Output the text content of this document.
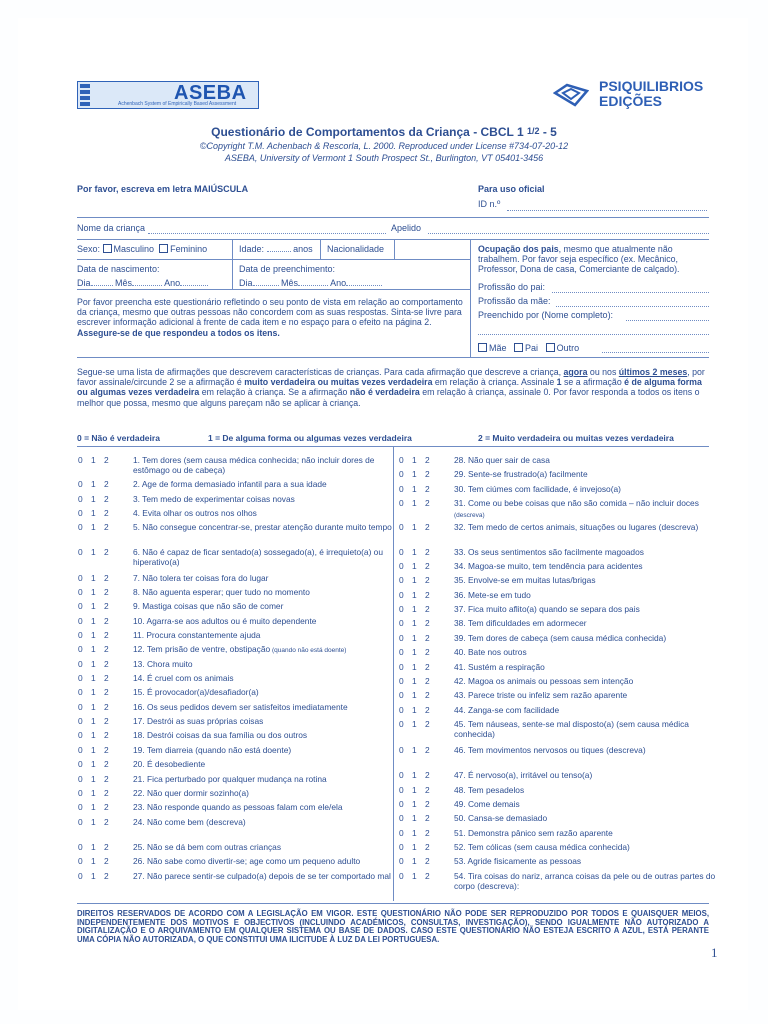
ASEBA
Achenbach System of Empirically Based Assessment
PSIQUILIBRIOS
EDIÇÕES
Questionário de Comportamentos da Criança - CBCL 1 1/2 - 5
©Copyright T.M. Achenbach & Rescorla, L. 2000. Reproduced under License #734-07-20-12
ASEBA, University of Vermont 1 South Prospect St., Burlington, VT 05401-3456
Por favor, escreva em letra MAIÚSCULA	Para uso oficial
ID n.º
Nome da criança	Apelido
Sexo: Masculino Feminino	Idade:	anos Nacionalidade
Data de nascimento:
Dia	Mês	Ano
Data de preenchimento:
Dia	Mês	Ano
Ocupação dos pais, mesmo que atualmente não trabalhem. Por favor seja específico (ex. Mecânico, Professor, Dona de casa, Comerciante de calçado).
Profissão do pai:
Profissão da mãe:
Preenchido por (Nome completo):
Mãe Pai Outro
Por favor preencha este questionário refletindo o seu ponto de vista em relação ao comportamento da criança, mesmo que outras pessoas não concordem com as suas respostas. Sinta-se livre para escrever informação adicional à frente de cada item e no espaço para o efeito na página 2.
Assegure-se de que respondeu a todos os itens.
Segue-se uma lista de afirmações que descrevem características de crianças. Para cada afirmação que descreve a criança, agora ou nos últimos 2 meses, por favor assinale/circunde 2 se a afirmação é muito verdadeira ou muitas vezes verdadeira em relação à criança. Assinale 1 se a afirmação é de alguma forma ou algumas vezes verdadeira em relação à criança. Se a afirmação não é verdadeira em relação à criança, assinale 0. Por favor responda a todos os itens o melhor que possa, mesmo que alguns pareçam não se aplicar à criança.
0 = Não é verdadeira	1 = De alguma forma ou algumas vezes verdadeira	2 = Muito verdadeira ou muitas vezes verdadeira
DIREITOS RESERVADOS DE ACORDO COM A LEGISLAÇÃO EM VIGOR. ESTE QUESTIONÁRIO NÃO PODE SER REPRODUZIDO POR TODOS E QUAISQUER MEIOS, INDEPENDENTEMENTE DOS MOTIVOS E OBJECTIVOS (INCLUINDO ACADÉMICOS, CONSULTAS, INVESTIGAÇÃO), SENDO IGUALMENTE NÃO AUTORIZADO A DIGITALIZAÇÃO E O ARQUIVAMENTO EM QUALQUER SISTEMA OU BASE DE DADOS. CASO ESTE QUESTIONÁRIO NÃO ESTEJA ESCRITO A AZUL, ESTÁ PERANTE UMA CÓPIA NÃO AUTORIZADA, O QUE CONSTITUI UMA ILICITUDE À LUZ DA LEI PORTUGUESA.
1
0 1 2	1. Tem dores (sem causa médica conhecida; não incluir dores de estômago ou de cabeça)
0 1 2	2. Age de forma demasiado infantil para a sua idade
0 1 2	3. Tem medo de experimentar coisas novas
0 1 2	4. Evita olhar os outros nos olhos
0 1 2	5. Não consegue concentrar-se, prestar atenção durante muito tempo
0 1 2	6. Não é capaz de ficar sentado(a) sossegado(a), é irrequieto(a) ou hiperativo(a)
0 1 2	7. Não tolera ter coisas fora do lugar
0 1 2	8. Não aguenta esperar; quer tudo no momento
0 1 2	9. Mastiga coisas que não são de comer
0 1 2	10. Agarra-se aos adultos ou é muito dependente
0 1 2	11. Procura constantemente ajuda
0 1 2	12. Tem prisão de ventre, obstipação (quando não está doente)
0 1 2	13. Chora muito
0 1 2	14. É cruel com os animais
0 1 2	15. É provocador(a)/desafiador(a)
0 1 2	16. Os seus pedidos devem ser satisfeitos imediatamente
0 1 2	17. Destrói as suas próprias coisas
0 1 2	18. Destrói coisas da sua família ou dos outros
0 1 2	19. Tem diarreia (quando não está doente)
0 1 2	20. É desobediente
0 1 2	21. Fica perturbado por qualquer mudança na rotina
0 1 2	22. Não quer dormir sozinho(a)
0 1 2	23. Não responde quando as pessoas falam com ele/ela
0 1 2	24. Não come bem (descreva)
0 1 2	25. Não se dá bem com outras crianças
0 1 2	26. Não sabe como divertir-se; age como um pequeno adulto
0 1 2	27. Não parece sentir-se culpado(a) depois de se ter comportado mal
0 1 2	28. Não quer sair de casa
0 1 2	29. Sente-se frustrado(a) facilmente
0 1 2	30. Tem ciúmes com facilidade, é invejoso(a)
0 1 2	31. Come ou bebe coisas que não são comida – não incluir doces (descreva)
0 1 2	32. Tem medo de certos animais, situações ou lugares (descreva)
0 1 2	33. Os seus sentimentos são facilmente magoados
0 1 2	34. Magoa-se muito, tem tendência para acidentes
0 1 2	35. Envolve-se em muitas lutas/brigas
0 1 2	36. Mete-se em tudo
0 1 2	37. Fica muito aflito(a) quando se separa dos pais
0 1 2	38. Tem dificuldades em adormecer
0 1 2	39. Tem dores de cabeça (sem causa médica conhecida)
0 1 2	40. Bate nos outros
0 1 2	41. Sustém a respiração
0 1 2	42. Magoa os animais ou pessoas sem intenção
0 1 2	43. Parece triste ou infeliz sem razão aparente
0 1 2	44. Zanga-se com facilidade
0 1 2	45. Tem náuseas, sente-se mal disposto(a) (sem causa médica conhecida)
0 1 2	46. Tem movimentos nervosos ou tiques (descreva)
0 1 2	47. É nervoso(a), irritável ou tenso(a)
0 1 2	48. Tem pesadelos
0 1 2	49. Come demais
0 1 2	50. Cansa-se demasiado
0 1 2	51. Demonstra pânico sem razão aparente
0 1 2	52. Tem cólicas (sem causa médica conhecida)
0 1 2	53. Agride fisicamente as pessoas
0 1 2	54. Tira coisas do nariz, arranca coisas da pele ou de outras partes do corpo (descreva):
